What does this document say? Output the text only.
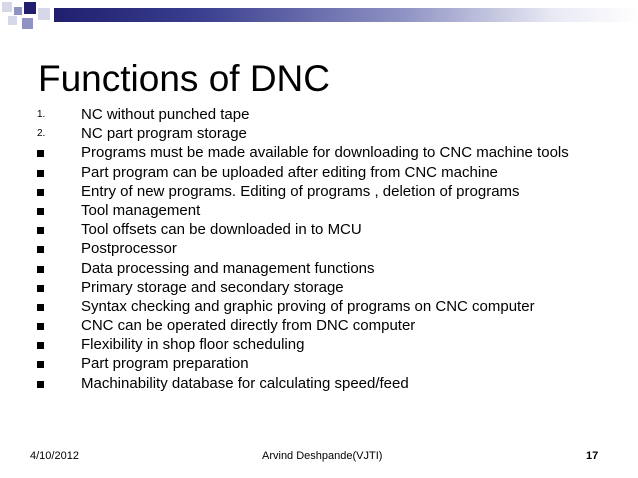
Functions of DNC
1. NC without punched tape
2. NC part program storage
Programs must be made available for downloading to CNC machine tools
Part program can be uploaded after editing from CNC machine
Entry of new programs. Editing of programs , deletion of programs
Tool management
Tool offsets can be downloaded in to MCU
Postprocessor
Data processing and management functions
Primary storage and secondary storage
Syntax checking and graphic proving of programs on CNC computer
CNC can be operated directly from DNC computer
Flexibility in shop floor scheduling
Part program preparation
Machinability database for calculating speed/feed
4/10/2012	Arvind Deshpande(VJTI)	17
